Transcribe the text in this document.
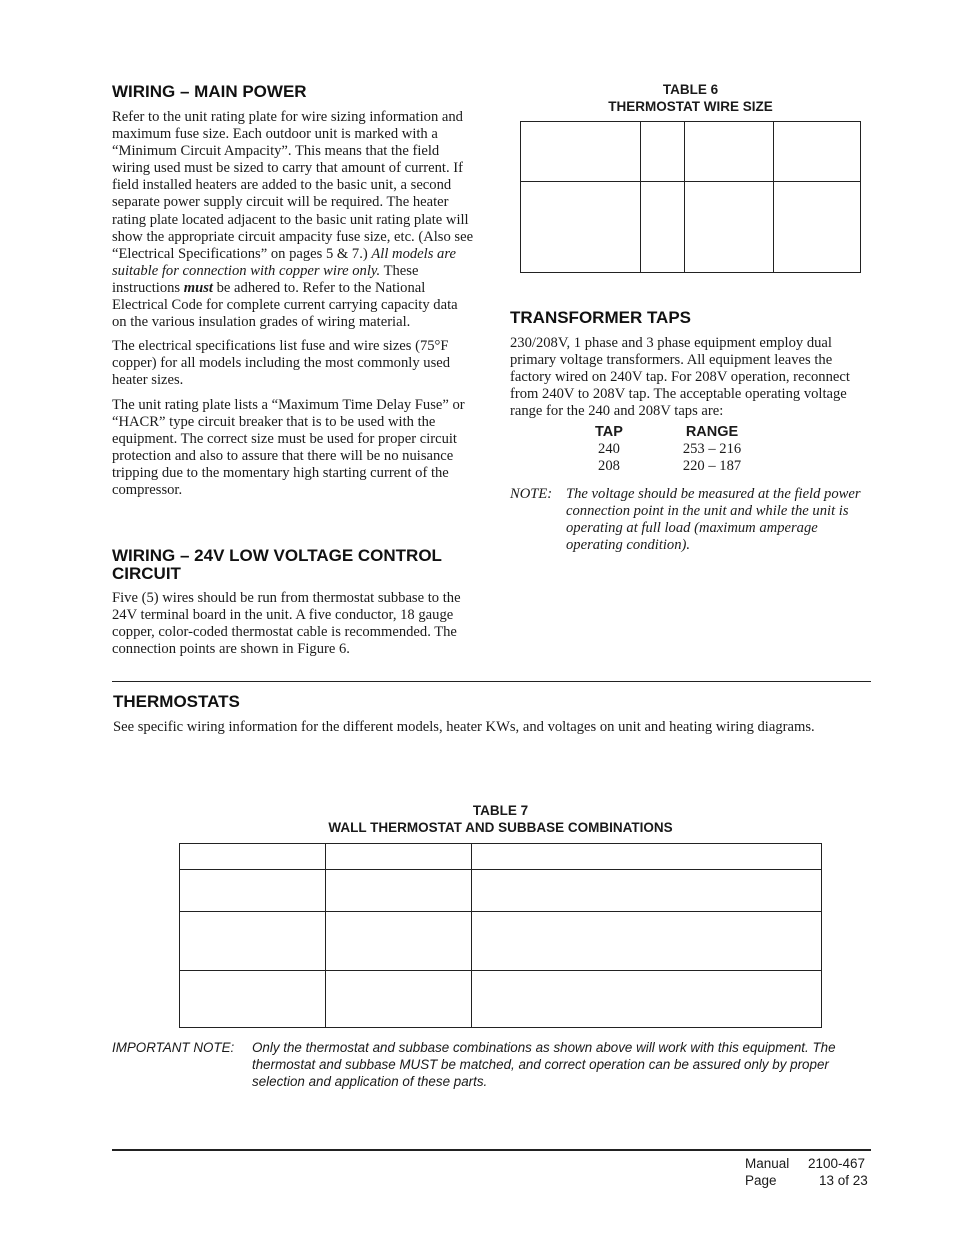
WIRING – MAIN POWER

Refer to the unit rating plate for wire sizing information and maximum fuse size. Each outdoor unit is marked with a “Minimum Circuit Ampacity”. This means that the field wiring used must be sized to carry that amount of current. If field installed heaters are added to the basic unit, a second separate power supply circuit will be required. The heater rating plate located adjacent to the basic unit rating plate will show the appropriate circuit ampacity fuse size, etc. (Also see “Electrical Specifications” on pages 5 & 7.) All models are suitable for connection with copper wire only. These instructions must be adhered to. Refer to the National Electrical Code for complete current carrying capacity data on the various insulation grades of wiring material.

The electrical specifications list fuse and wire sizes (75°F copper) for all models including the most commonly used heater sizes.

The unit rating plate lists a “Maximum Time Delay Fuse” or “HACR” type circuit breaker that is to be used with the equipment. The correct size must be used for proper circuit protection and also to assure that there will be no nuisance tripping due to the momentary high starting current of the compressor.

WIRING – 24V LOW VOLTAGE CONTROL CIRCUIT

Five (5) wires should be run from thermostat subbase to the 24V terminal board in the unit. A five conductor, 18 gauge copper, color-coded thermostat cable is recommended. The connection points are shown in Figure 6.

TABLE 6
THERMOSTAT WIRE SIZE

TRANSFORMER TAPS

230/208V, 1 phase and 3 phase equipment employ dual primary voltage transformers. All equipment leaves the factory wired on 240V tap. For 208V operation, reconnect from 240V to 208V tap. The acceptable operating voltage range for the 240 and 208V taps are:

TAP	RANGE
240	253 – 216
208	220 – 187
NOTE: The voltage should be measured at the field power connection point in the unit and while the unit is operating at full load (maximum amperage operating condition).
THERMOSTATS

See specific wiring information for the different models, heater KWs, and voltages on unit and heating wiring diagrams.

TABLE 7
WALL THERMOSTAT AND SUBBASE COMBINATIONS

IMPORTANT NOTE: Only the thermostat and subbase combinations as shown above will work with this equipment. The thermostat and subbase MUST be matched, and correct operation can be assured only by proper selection and application of these parts.
Manual 2100-467
Page	13 of 23
